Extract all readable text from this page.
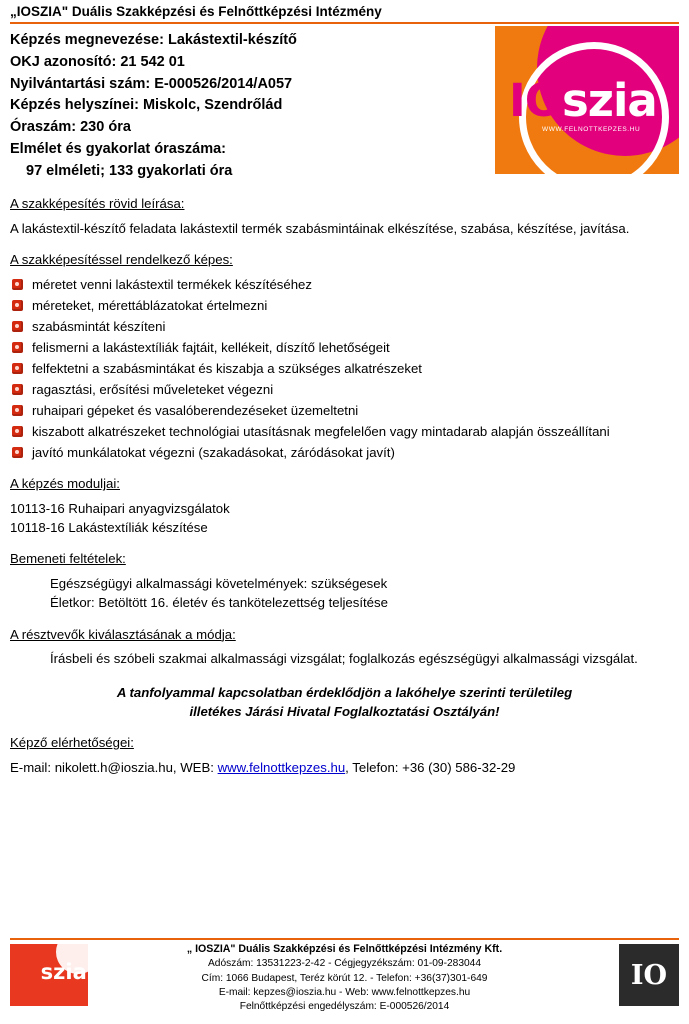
„IOSZIA" Duális Szakképzési és Felnőttképzési Intézmény
IOszia
WWW.FELNOTTKEPZES.HU
Képzés megnevezése: Lakástextil-készítő
OKJ azonosító: 21 542 01
Nyilvántartási szám: E-000526/2014/A057
Képzés helyszínei: Miskolc, Szendrőlád
Óraszám: 230 óra
Elmélet és gyakorlat óraszáma:
97 elméleti; 133 gyakorlati óra
A szakképesítés rövid leírása:
A lakástextil-készítő feladata lakástextil termék szabásmintáinak elkészítése, szabása, készítése, javítása.
A szakképesítéssel rendelkező képes:
méretet venni lakástextil termékek készítéséhez
méreteket, mérettáblázatokat értelmezni
szabásmintát készíteni
felismerni a lakástextíliák fajtáit, kellékeit, díszítő lehetőségeit
felfektetni a szabásmintákat és kiszabja a szükséges alkatrészeket
ragasztási, erősítési műveleteket végezni
ruhaipari gépeket és vasalóberendezéseket üzemeltetni
kiszabott alkatrészeket technológiai utasításnak megfelelően vagy mintadarab alapján összeállítani
javító munkálatokat végezni (szakadásokat, záródásokat javít)
A képzés moduljai:
10113-16 Ruhaipari anyagvizsgálatok
10118-16 Lakástextíliák készítése
Bemeneti feltételek:
Egészségügyi alkalmassági követelmények: szükségesek
Életkor: Betöltött 16. életév és tankötelezettség teljesítése
A résztvevők kiválasztásának a módja:
Írásbeli és szóbeli szakmai alkalmassági vizsgálat; foglalkozás egészségügyi alkalmassági vizsgálat.
A tanfolyammal kapcsolatban érdeklődjön a lakóhelye szerinti területileg
illetékes Járási Hivatal Foglalkoztatási Osztályán!
Képző elérhetőségei:
E-mail: nikolett.h@ioszia.hu, WEB: www.felnottkepzes.hu, Telefon: +36 (30) 586-32-29
IOszia
„ IOSZIA" Duális Szakképzési és Felnőttképzési Intézmény Kft.
Adószám: 13531223-2-42 - Cégjegyzékszám: 01-09-283044
Cím: 1066 Budapest, Teréz körút 12. - Telefon: +36(37)301-649
E-mail: kepzes@ioszia.hu - Web: www.felnottkepzes.hu
Felnőttképzési engedélyszám: E-000526/2014
IO
